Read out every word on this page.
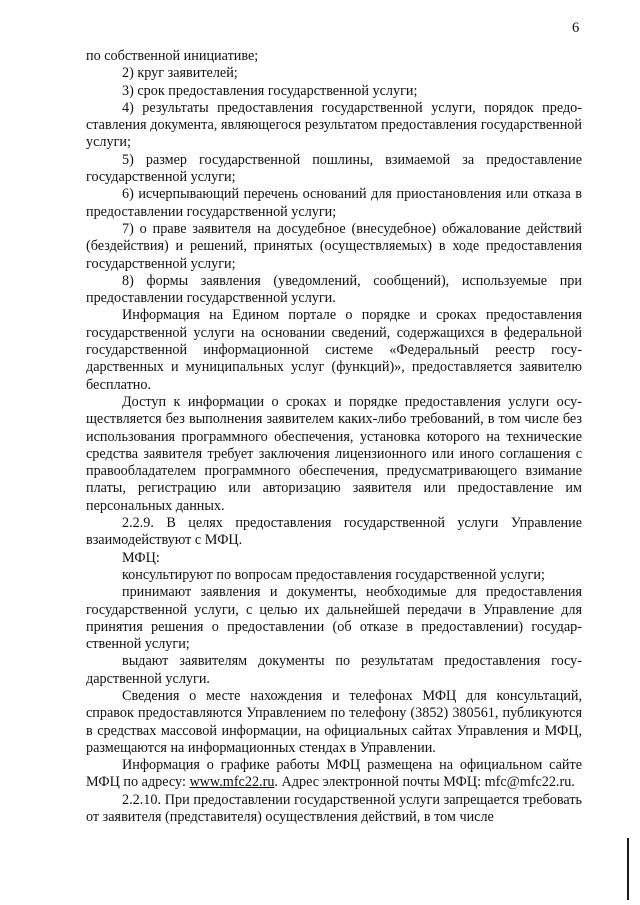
6

по собственной инициативе;

2) круг заявителей;

3) срок предоставления государственной услуги;

4) результаты предоставления государственной услуги, порядок предоставления документа, являющегося результатом предоставления государственной услуги;

5) размер государственной пошлины, взимаемой за предоставление государственной услуги;

6) исчерпывающий перечень оснований для приостановления или отказа в предоставлении государственной услуги;

7) о праве заявителя на досудебное (внесудебное) обжалование действий (бездействия) и решений, принятых (осуществляемых) в ходе предоставления государственной услуги;

8) формы заявления (уведомлений, сообщений), используемые при предоставлении государственной услуги.

Информация на Едином портале о порядке и сроках предоставления государственной услуги на основании сведений, содержащихся в федеральной государственной информационной системе «Федеральный реестр государственных и муниципальных услуг (функций)», предоставляется заявителю бесплатно.

Доступ к информации о сроках и порядке предоставления услуги осуществляется без выполнения заявителем каких-либо требований, в том числе без использования программного обеспечения, установка которого на технические средства заявителя требует заключения лицензионного или иного соглашения с правообладателем программного обеспечения, предусматривающего взимание платы, регистрацию или авторизацию заявителя или предоставление им персональных данных.

2.2.9. В целях предоставления государственной услуги Управление взаимодействуют с МФЦ.

МФЦ:

консультируют по вопросам предоставления государственной услуги;

принимают заявления и документы, необходимые для предоставления государственной услуги, с целью их дальнейшей передачи в Управление для принятия решения о предоставлении (об отказе в предоставлении) государственной услуги;

выдают заявителям документы по результатам предоставления государственной услуги.

Сведения о месте нахождения и телефонах МФЦ для консультаций, справок предоставляются Управлением по телефону (3852) 380561, публикуются в средствах массовой информации, на официальных сайтах Управления и МФЦ, размещаются на информационных стендах в Управлении.

Информация о графике работы МФЦ размещена на официальном сайте МФЦ по адресу: www.mfc22.ru. Адрес электронной почты МФЦ: mfc@mfc22.ru.

2.2.10. При предоставлении государственной услуги запрещается требовать от заявителя (представителя) осуществления действий, в том числе
